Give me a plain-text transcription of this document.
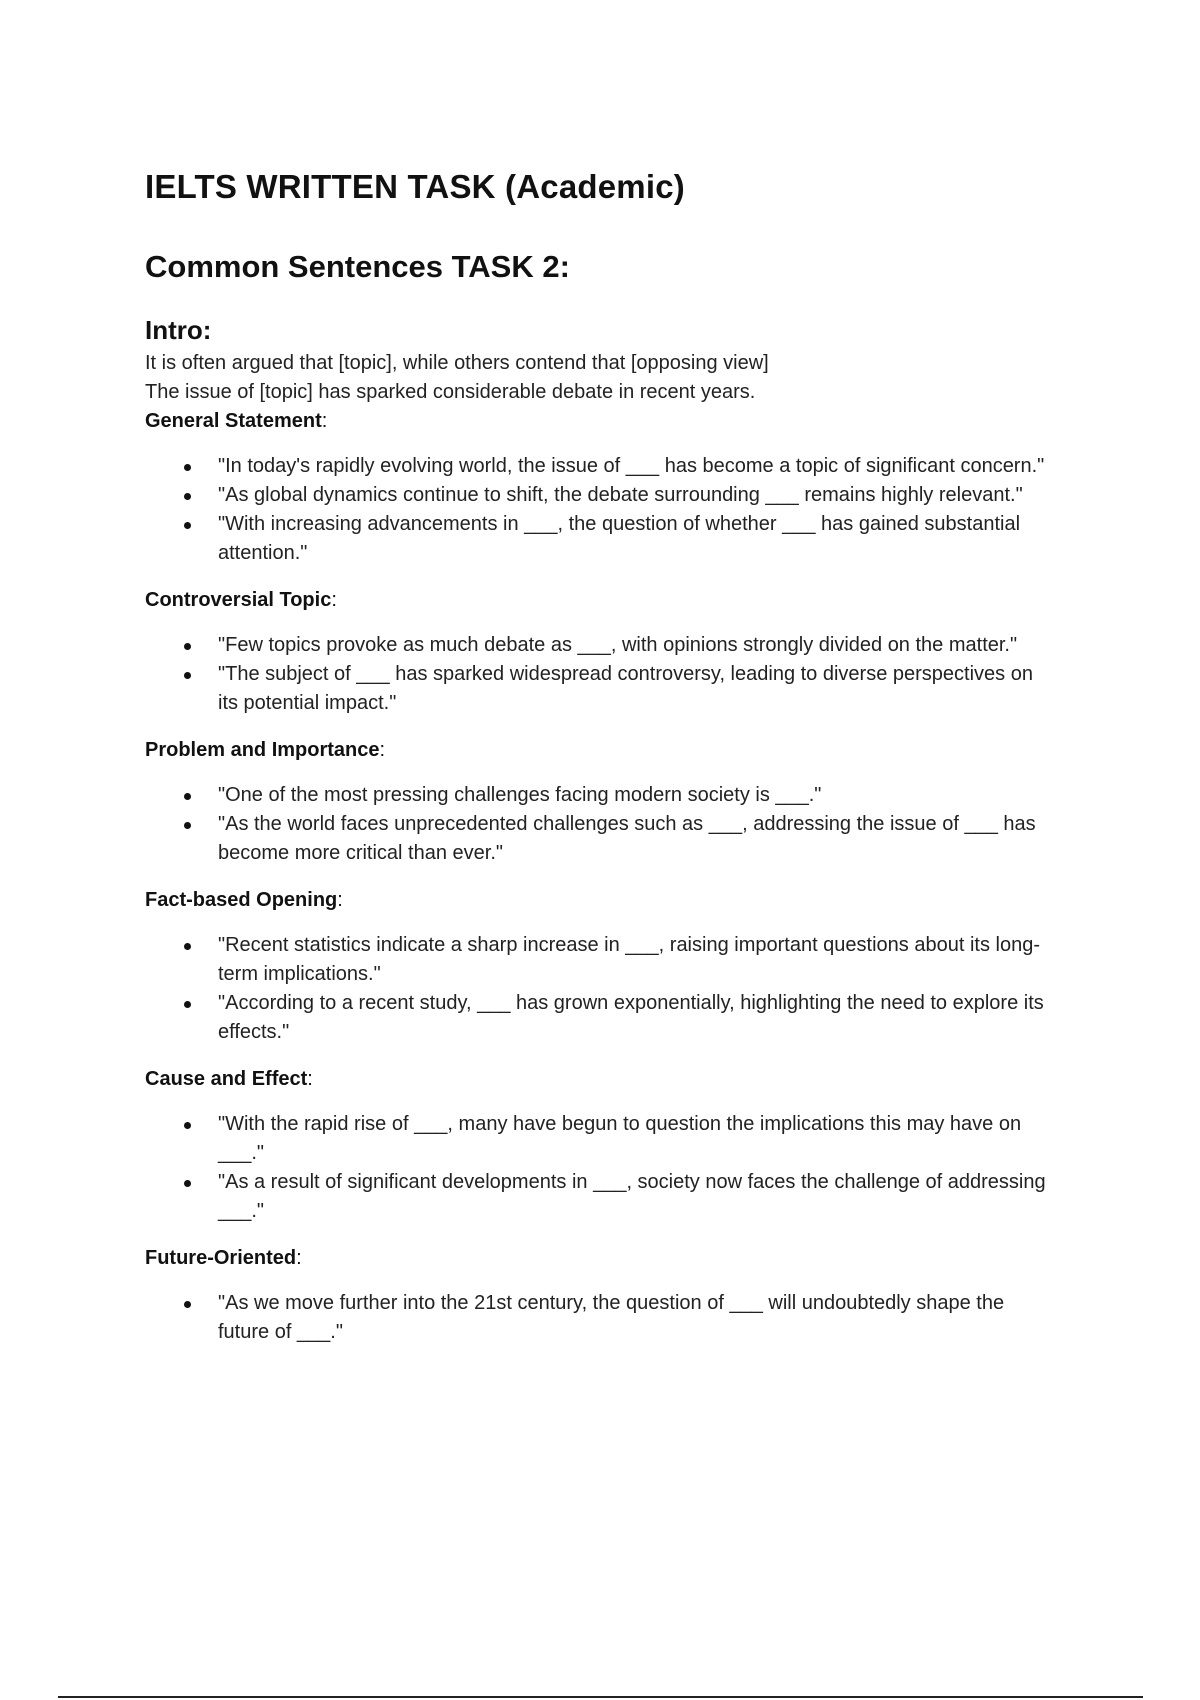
IELTS WRITTEN TASK (Academic)
Common Sentences TASK 2:
Intro:

It is often argued that [topic], while others contend that [opposing view]

The issue of [topic] has sparked considerable debate in recent years.

General Statement:
"In today's rapidly evolving world, the issue of ___ has become a topic of significant concern."
"As global dynamics continue to shift, the debate surrounding ___ remains highly relevant."
"With increasing advancements in ___, the question of whether ___ has gained substantial attention."
Controversial Topic:
"Few topics provoke as much debate as ___, with opinions strongly divided on the matter."
"The subject of ___ has sparked widespread controversy, leading to diverse perspectives on its potential impact."
Problem and Importance:
"One of the most pressing challenges facing modern society is ___."
"As the world faces unprecedented challenges such as ___, addressing the issue of ___ has become more critical than ever."
Fact-based Opening:
"Recent statistics indicate a sharp increase in ___, raising important questions about its long-term implications."
"According to a recent study, ___ has grown exponentially, highlighting the need to explore its effects."
Cause and Effect:
"With the rapid rise of ___, many have begun to question the implications this may have on ___."
"As a result of significant developments in ___, society now faces the challenge of addressing ___."
Future-Oriented:
"As we move further into the 21st century, the question of ___ will undoubtedly shape the future of ___."
